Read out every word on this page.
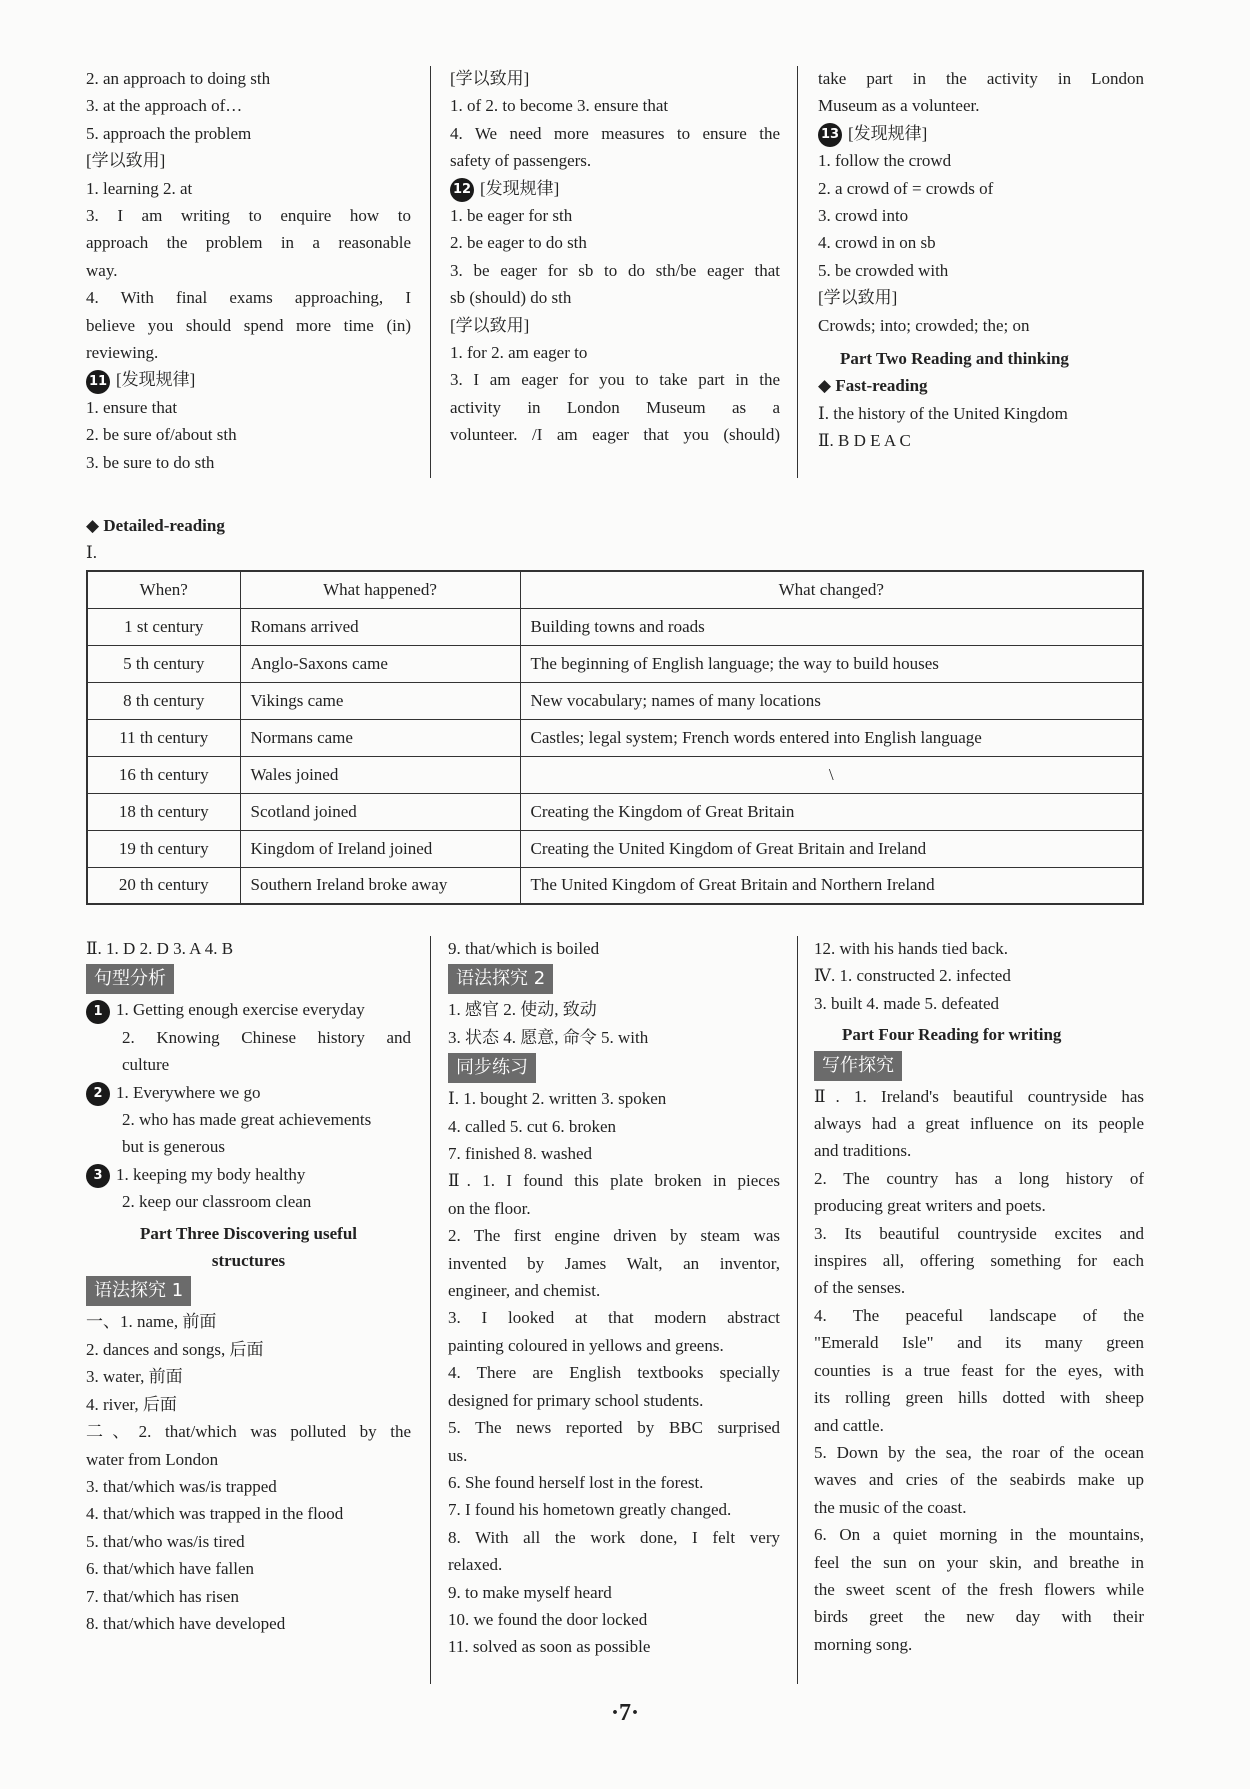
2. an approach to doing sth
3. at the approach of…
5. approach the problem
[学以致用]
1. learning 2. at
3. I am writing to enquire how to
approach the problem in a reasonable
way.
4. With final exams approaching, I
believe you should spend more time (in)
reviewing.
11 [发现规律]
1. ensure that
2. be sure of/about sth
3. be sure to do sth
[学以致用]
1. of 2. to become 3. ensure that
4. We need more measures to ensure the
safety of passengers.
12 [发现规律]
1. be eager for sth
2. be eager to do sth
3. be eager for sb to do sth/be eager that
sb (should) do sth
[学以致用]
1. for 2. am eager to
3. I am eager for you to take part in the
activity in London Museum as a
volunteer. /I am eager that you (should)
take part in the activity in London
Museum as a volunteer.
13 [发现规律]
1. follow the crowd
2. a crowd of = crowds of
3. crowd into
4. crowd in on sb
5. be crowded with
[学以致用]
Crowds; into; crowded; the; on
Part Two Reading and thinking
◆ Fast-reading
Ⅰ. the history of the United Kingdom
Ⅱ. B D E A C
◆ Detailed-reading
Ⅰ.
When?	What happened?	What changed?
1 st century	Romans arrived	Building towns and roads
5 th century	Anglo-Saxons came	The beginning of English language; the way to build houses
8 th century	Vikings came	New vocabulary; names of many locations
11 th century	Normans came	Castles; legal system; French words entered into English language
16 th century	Wales joined	\
18 th century	Scotland joined	Creating the Kingdom of Great Britain
19 th century	Kingdom of Ireland joined	Creating the United Kingdom of Great Britain and Ireland
20 th century	Southern Ireland broke away	The United Kingdom of Great Britain and Northern Ireland
Ⅱ. 1. D 2. D 3. A 4. B
句型分析
1 1. Getting enough exercise everyday
2. Knowing Chinese history and
culture
2 1. Everywhere we go
2. who has made great achievements
but is generous
3 1. keeping my body healthy
2. keep our classroom clean
Part Three Discovering useful
structures
语法探究 1
一、1. name, 前面
2. dances and songs, 后面
3. water, 前面
4. river, 后面
二、2. that/which was polluted by the
water from London
3. that/which was/is trapped
4. that/which was trapped in the flood
5. that/who was/is tired
6. that/which have fallen
7. that/which has risen
8. that/which have developed
9. that/which is boiled
语法探究 2
1. 感官 2. 使动, 致动
3. 状态 4. 愿意, 命令 5. with
同步练习
Ⅰ. 1. bought 2. written 3. spoken
4. called 5. cut 6. broken
7. finished 8. washed
Ⅱ. 1. I found this plate broken in pieces
on the floor.
2. The first engine driven by steam was
invented by James Walt, an inventor,
engineer, and chemist.
3. I looked at that modern abstract
painting coloured in yellows and greens.
4. There are English textbooks specially
designed for primary school students.
5. The news reported by BBC surprised
us.
6. She found herself lost in the forest.
7. I found his hometown greatly changed.
8. With all the work done, I felt very
relaxed.
9. to make myself heard
10. we found the door locked
11. solved as soon as possible
12. with his hands tied back.
Ⅳ. 1. constructed 2. infected
3. built 4. made 5. defeated
Part Four Reading for writing
写作探究
Ⅱ. 1. Ireland's beautiful countryside has
always had a great influence on its people
and traditions.
2. The country has a long history of
producing great writers and poets.
3. Its beautiful countryside excites and
inspires all, offering something for each
of the senses.
4. The peaceful landscape of the
"Emerald Isle" and its many green
counties is a true feast for the eyes, with
its rolling green hills dotted with sheep
and cattle.
5. Down by the sea, the roar of the ocean
waves and cries of the seabirds make up
the music of the coast.
6. On a quiet morning in the mountains,
feel the sun on your skin, and breathe in
the sweet scent of the fresh flowers while
birds greet the new day with their
morning song.
·7·
